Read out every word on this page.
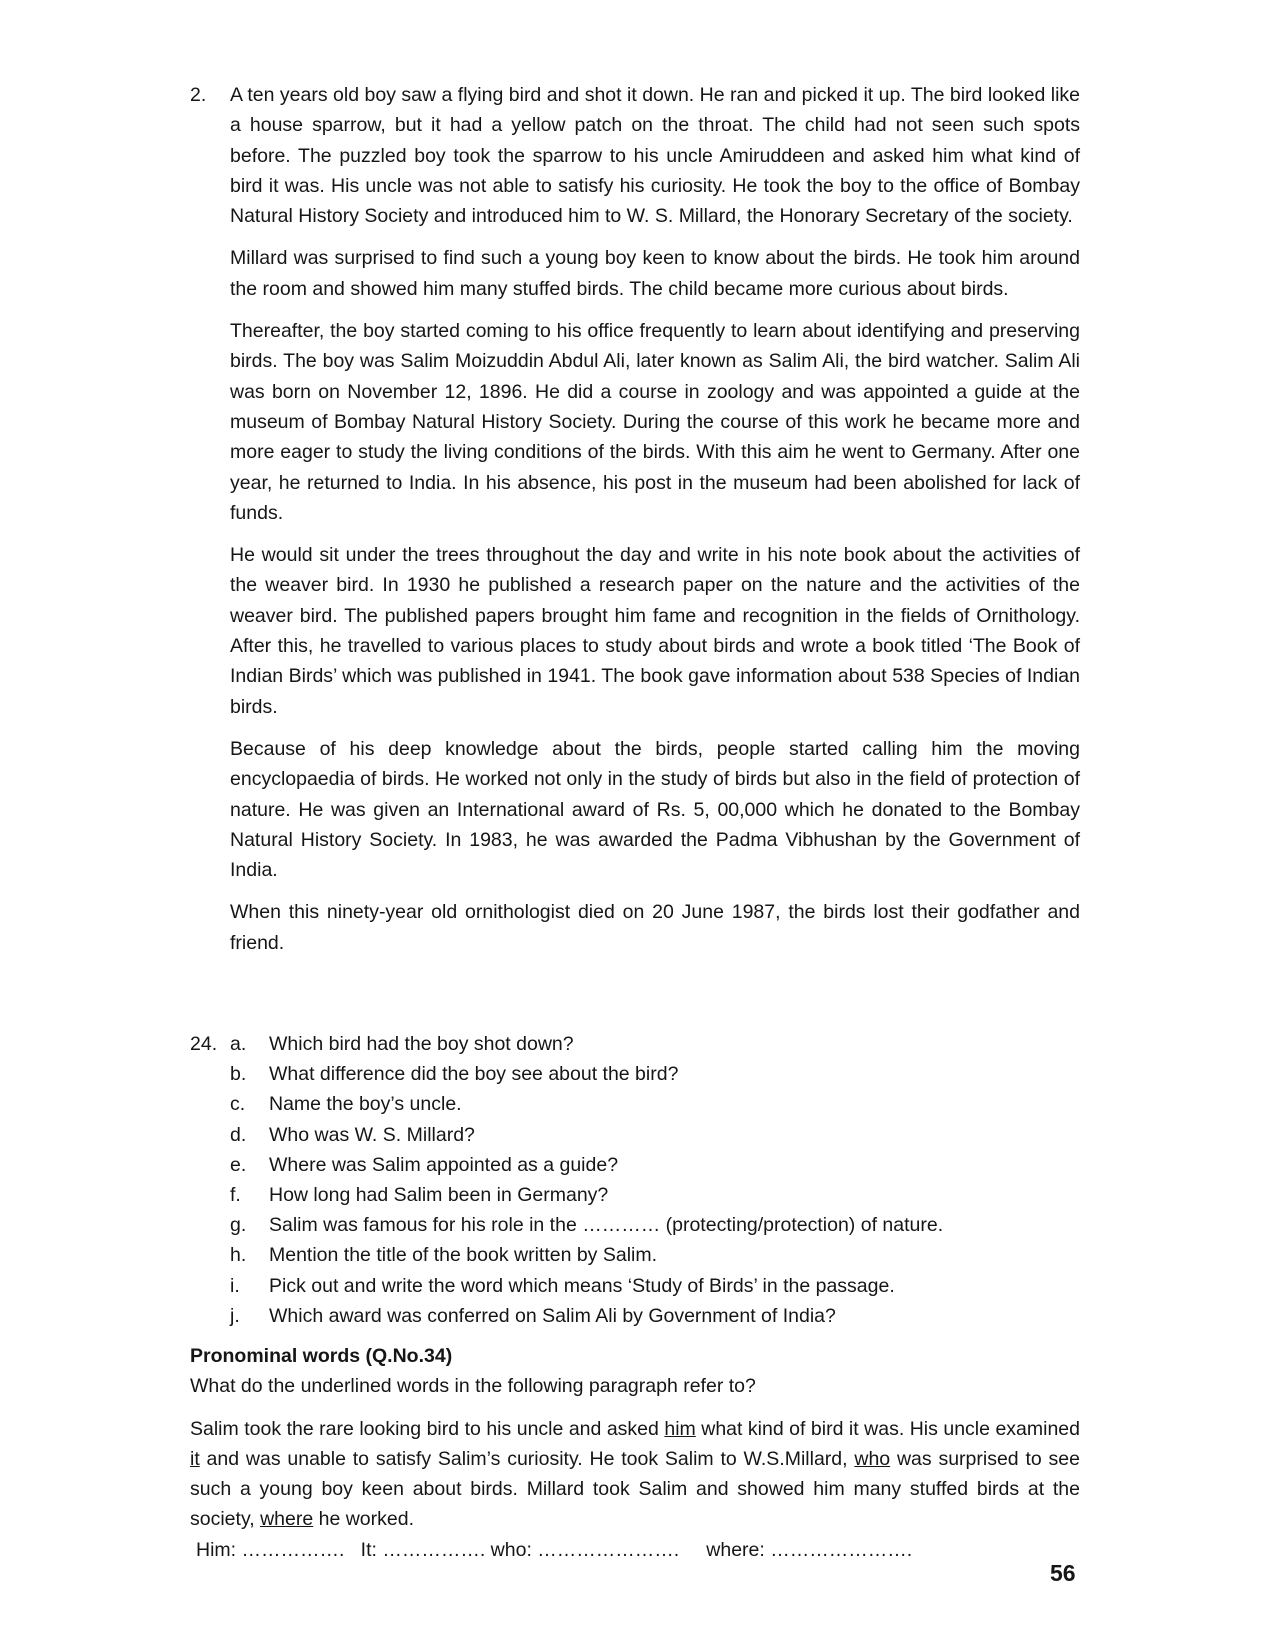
2. A ten years old boy saw a flying bird and shot it down. He ran and picked it up. The bird looked like a house sparrow, but it had a yellow patch on the throat. The child had not seen such spots before. The puzzled boy took the sparrow to his uncle Amiruddeen and asked him what kind of bird it was. His uncle was not able to satisfy his curiosity. He took the boy to the office of Bombay Natural History Society and introduced him to W. S. Millard, the Honorary Secretary of the society.

Millard was surprised to find such a young boy keen to know about the birds. He took him around the room and showed him many stuffed birds. The child became more curious about birds.

Thereafter, the boy started coming to his office frequently to learn about identifying and preserving birds. The boy was Salim Moizuddin Abdul Ali, later known as Salim Ali, the bird watcher. Salim Ali was born on November 12, 1896. He did a course in zoology and was appointed a guide at the museum of Bombay Natural History Society. During the course of this work he became more and more eager to study the living conditions of the birds. With this aim he went to Germany. After one year, he returned to India. In his absence, his post in the museum had been abolished for lack of funds.

He would sit under the trees throughout the day and write in his note book about the activities of the weaver bird. In 1930 he published a research paper on the nature and the activities of the weaver bird. The published papers brought him fame and recognition in the fields of Ornithology. After this, he travelled to various places to study about birds and wrote a book titled ‘The Book of Indian Birds’ which was published in 1941. The book gave information about 538 Species of Indian birds.

Because of his deep knowledge about the birds, people started calling him the moving encyclopaedia of birds. He worked not only in the study of birds but also in the field of protection of nature. He was given an International award of Rs. 5, 00,000 which he donated to the Bombay Natural History Society. In 1983, he was awarded the Padma Vibhushan by the Government of India.

When this ninety-year old ornithologist died on 20 June 1987, the birds lost their godfather and friend.

24. a.	Which bird had the boy shot down?
b.	What difference did the boy see about the bird?
c.	Name the boy’s uncle.
d.	Who was W. S. Millard?
e.	Where was Salim appointed as a guide?
f.	How long had Salim been in Germany?
g.	Salim was famous for his role in the ………… (protecting/protection) of nature.
h.	Mention the title of the book written by Salim.
i.	Pick out and write the word which means ‘Study of Birds’ in the passage.
j.	Which award was conferred on Salim Ali by Government of India?
Pronominal words (Q.No.34)
What do the underlined words in the following paragraph refer to?

Salim took the rare looking bird to his uncle and asked him what kind of bird it was. His uncle examined it and was unable to satisfy Salim’s curiosity. He took Salim to W.S.Millard, who was surprised to see such a young boy keen about birds. Millard took Salim and showed him many stuffed birds at the society, where he worked.

Him: …………….   It: ……………. who: ………………….     where: ………………….
56
